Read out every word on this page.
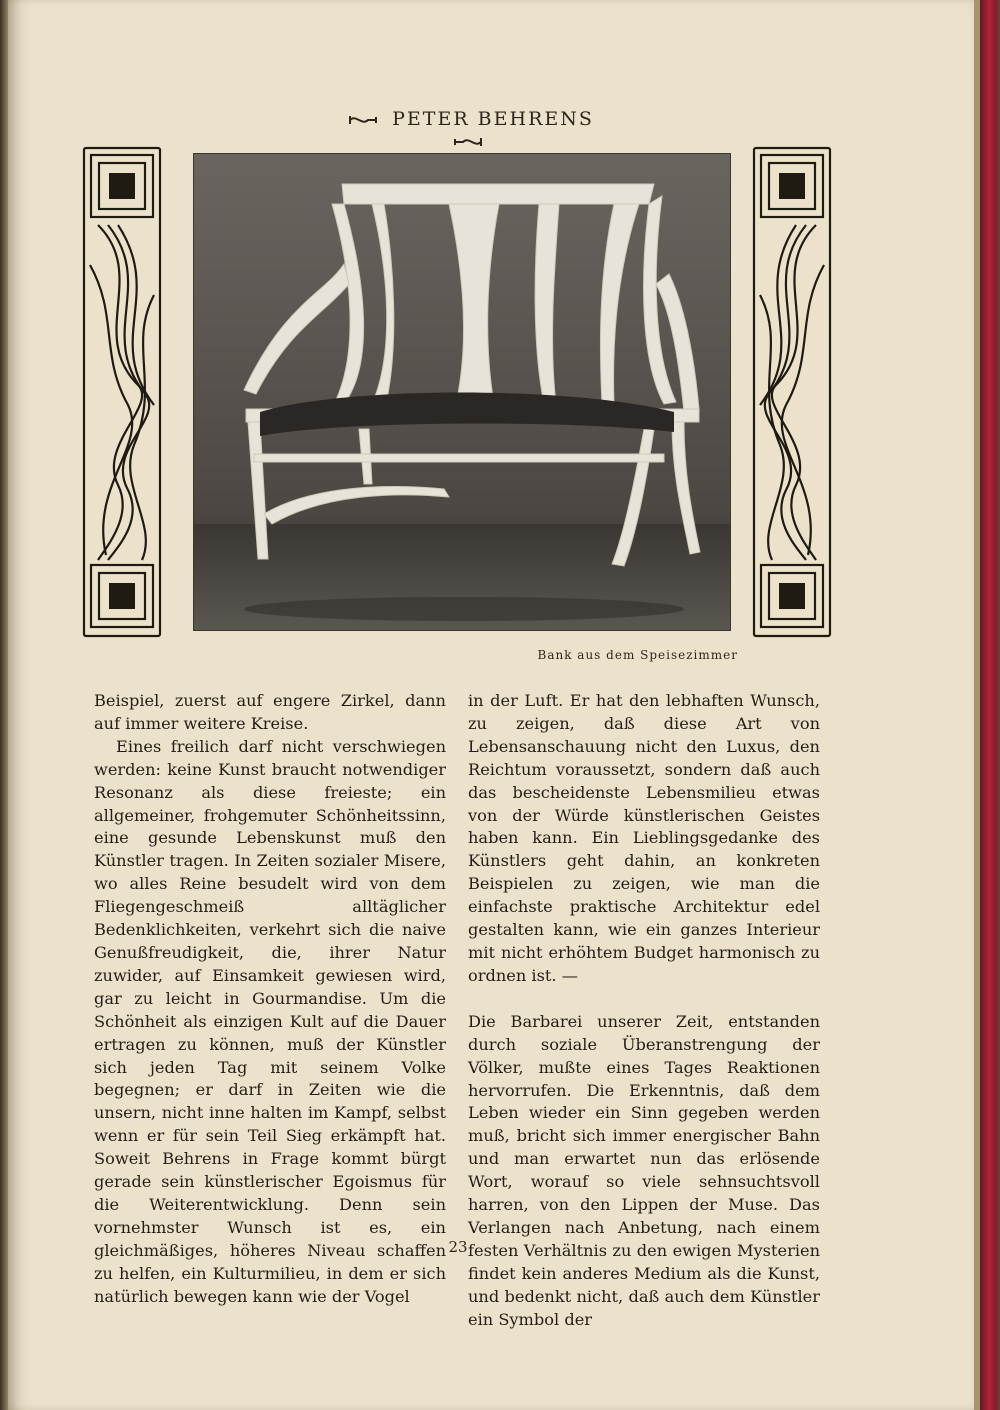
PETER BEHRENS
Bank aus dem Speisezimmer

Beispiel, zuerst auf engere Zirkel, dann auf immer weitere Kreise.

Eines freilich darf nicht verschwiegen werden: keine Kunst braucht notwendiger Resonanz als diese freieste; ein allgemeiner, frohgemuter Schönheitssinn, eine gesunde Lebenskunst muß den Künstler tragen. In Zeiten sozialer Misere, wo alles Reine besudelt wird von dem Fliegengeschmeiß alltäglicher Bedenklichkeiten, verkehrt sich die naive Genußfreudigkeit, die, ihrer Natur zuwider, auf Einsamkeit gewiesen wird, gar zu leicht in Gourmandise. Um die Schönheit als einzigen Kult auf die Dauer ertragen zu können, muß der Künstler sich jeden Tag mit seinem Volke begegnen; er darf in Zeiten wie die unsern, nicht inne halten im Kampf, selbst wenn er für sein Teil Sieg erkämpft hat. Soweit Behrens in Frage kommt bürgt gerade sein künstlerischer Egoismus für die Weiterentwicklung. Denn sein vornehmster Wunsch ist es, ein gleichmäßiges, höheres Niveau schaffen zu helfen, ein Kulturmilieu, in dem er sich natürlich bewegen kann wie der Vogel

in der Luft. Er hat den lebhaften Wunsch, zu zeigen, daß diese Art von Lebensanschauung nicht den Luxus, den Reichtum voraussetzt, sondern daß auch das bescheidenste Lebensmilieu etwas von der Würde künstlerischen Geistes haben kann. Ein Lieblingsgedanke des Künstlers geht dahin, an konkreten Beispielen zu zeigen, wie man die einfachste praktische Architektur edel gestalten kann, wie ein ganzes Interieur mit nicht erhöhtem Budget harmonisch zu ordnen ist. —

Die Barbarei unserer Zeit, entstanden durch soziale Überanstrengung der Völker, mußte eines Tages Reaktionen hervorrufen. Die Erkenntnis, daß dem Leben wieder ein Sinn gegeben werden muß, bricht sich immer energischer Bahn und man erwartet nun das erlösende Wort, worauf so viele sehnsuchtsvoll harren, von den Lippen der Muse. Das Verlangen nach Anbetung, nach einem festen Verhältnis zu den ewigen Mysterien findet kein anderes Medium als die Kunst, und bedenkt nicht, daß auch dem Künstler ein Symbol der

23
